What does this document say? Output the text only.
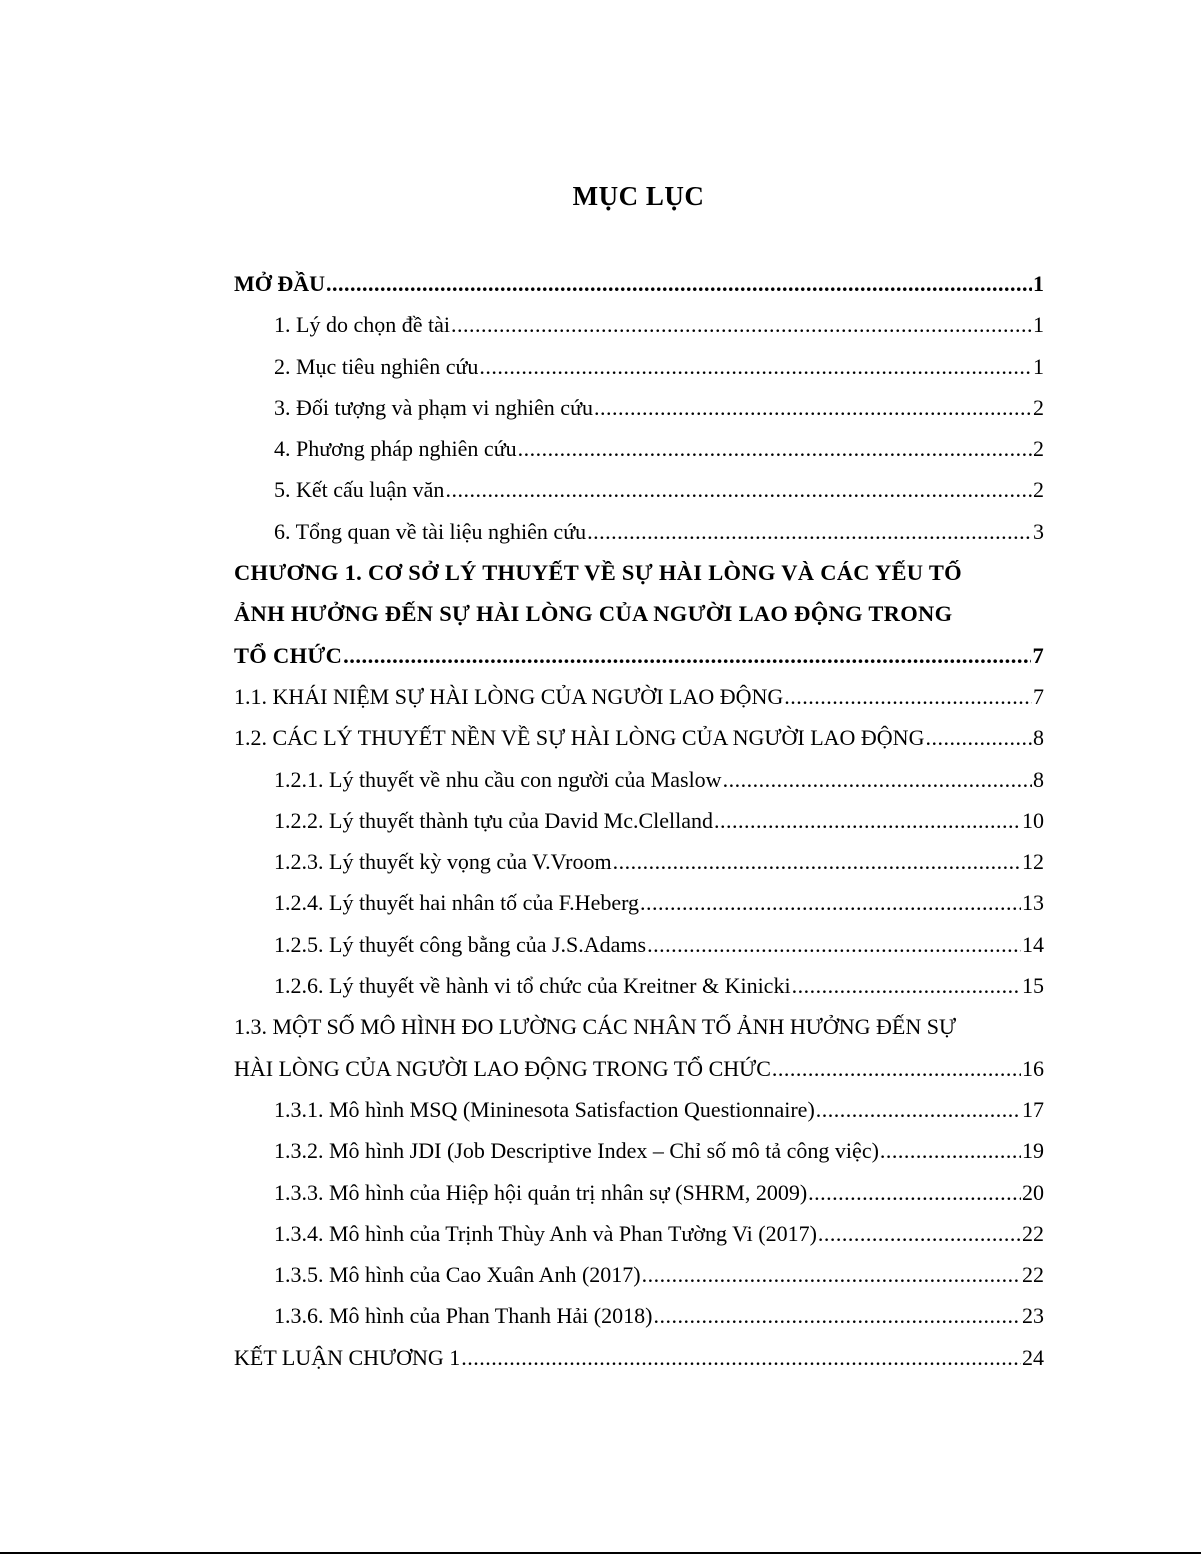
MỤC LỤC
MỞ ĐẦU .....	1
1. Lý do chọn đề tài .....	1
2. Mục tiêu nghiên cứu .....	1
3. Đối tượng và phạm vi nghiên cứu .....	2
4. Phương pháp nghiên cứu .....	2
5. Kết cấu luận văn .....	2
6. Tổng quan về tài liệu nghiên cứu .....	3
CHƯƠNG 1. CƠ SỞ LÝ THUYẾT VỀ SỰ HÀI LÒNG VÀ CÁC YẾU TỐ
ẢNH HƯỞNG ĐẾN SỰ HÀI LÒNG CỦA NGƯỜI LAO ĐỘNG TRONG
TỔ CHỨC .....	7
1.1. KHÁI NIỆM SỰ HÀI LÒNG CỦA NGƯỜI LAO ĐỘNG .....	7
1.2. CÁC LÝ THUYẾT NỀN VỀ SỰ HÀI LÒNG CỦA NGƯỜI LAO ĐỘNG .....	8
1.2.1. Lý thuyết về nhu cầu con người của Maslow .....	8
1.2.2. Lý thuyết thành tựu của David Mc.Clelland .....	10
1.2.3. Lý thuyết kỳ vọng của V.Vroom .....	12
1.2.4. Lý thuyết hai nhân tố của F.Heberg .....	13
1.2.5. Lý thuyết công bằng của J.S.Adams .....	14
1.2.6. Lý thuyết về hành vi tổ chức của Kreitner & Kinicki .....	15
1.3. MỘT SỐ MÔ HÌNH ĐO LƯỜNG CÁC NHÂN TỐ ẢNH HƯỞNG ĐẾN SỰ
HÀI LÒNG CỦA NGƯỜI LAO ĐỘNG TRONG TỔ CHỨC .....	16
1.3.1. Mô hình MSQ (Mininesota Satisfaction Questionnaire) .....	17
1.3.2. Mô hình JDI (Job Descriptive Index – Chỉ số mô tả công việc) .....	19
1.3.3. Mô hình của Hiệp hội quản trị nhân sự (SHRM, 2009) .....	20
1.3.4. Mô hình của Trịnh Thùy Anh và Phan Tường Vi (2017) .....	22
1.3.5. Mô hình của Cao Xuân Anh (2017) .....	22
1.3.6. Mô hình của Phan Thanh Hải (2018) .....	23
KẾT LUẬN CHƯƠNG 1 .....	24
